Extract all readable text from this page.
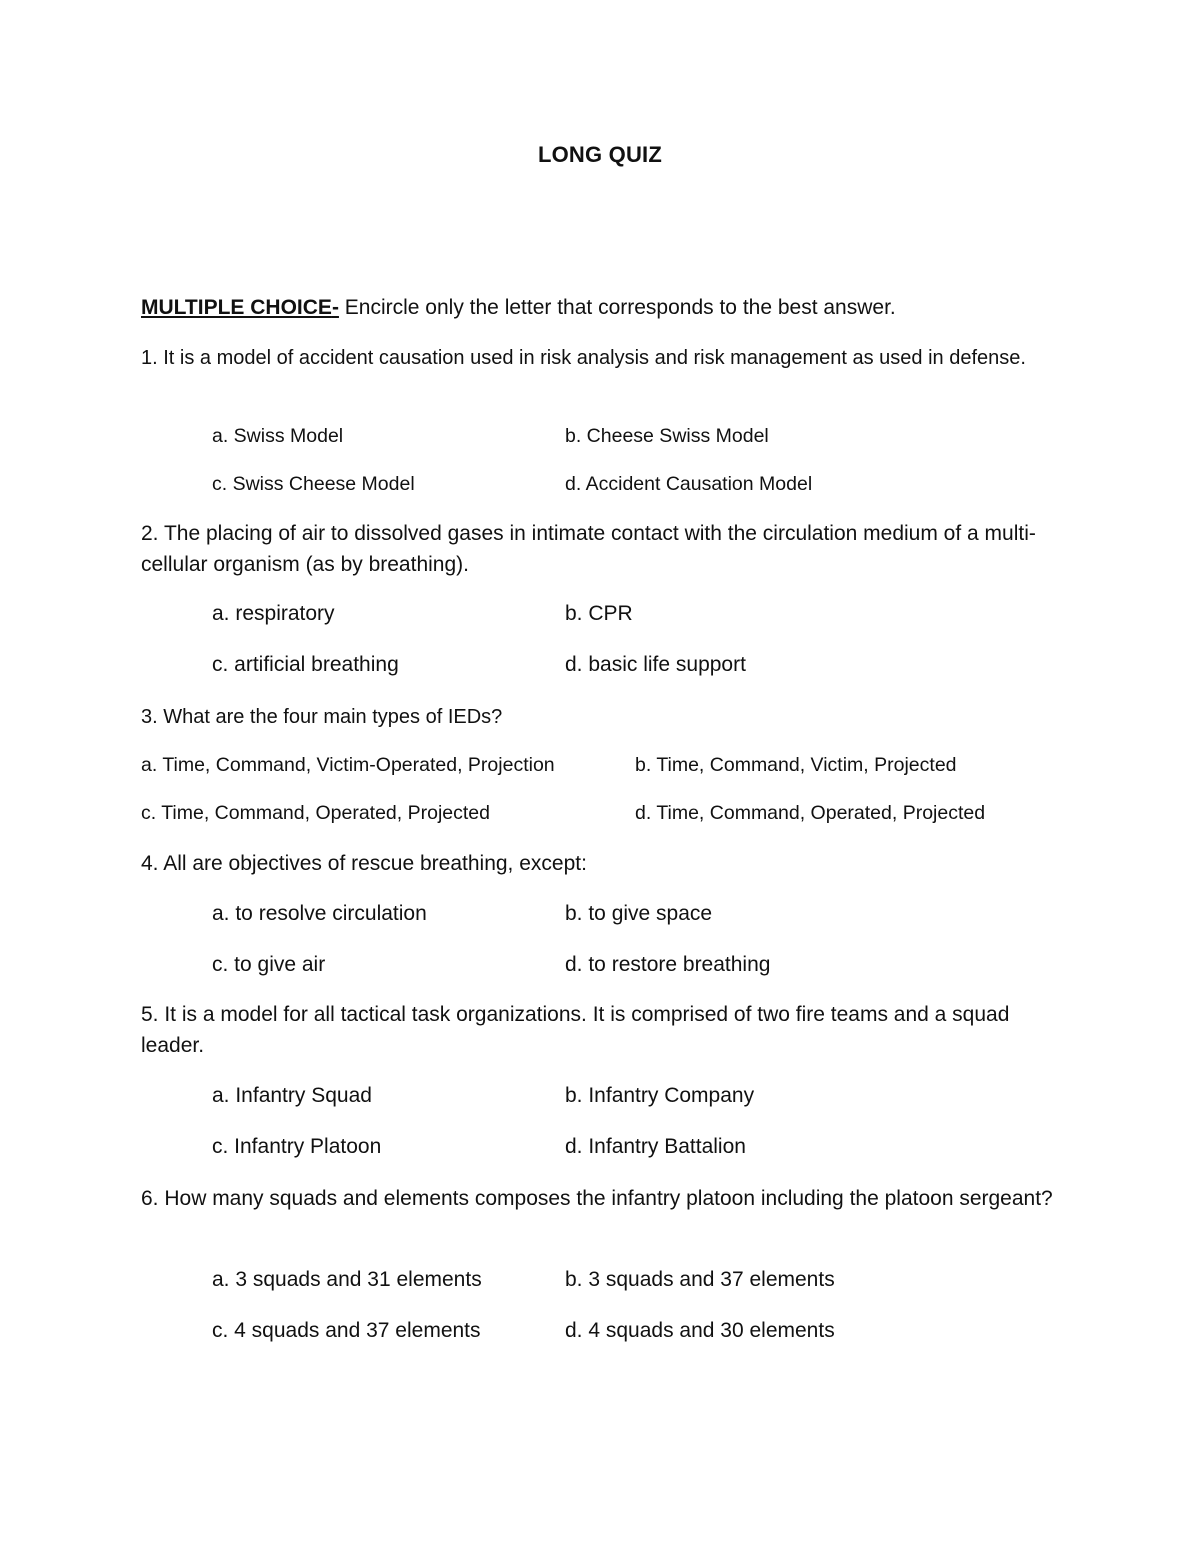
LONG QUIZ
MULTIPLE CHOICE- Encircle only the letter that corresponds to the best answer.
1. It is a model of accident causation used in risk analysis and risk management as used in defense.
a. Swiss Model	b. Cheese Swiss Model
c. Swiss Cheese Model	d. Accident Causation Model
2. The placing of air to dissolved gases in intimate contact with the circulation medium of a multi-cellular organism (as by breathing).
a. respiratory	b. CPR
c. artificial breathing	d. basic life support
3. What are the four main types of IEDs?
a. Time, Command, Victim-Operated, Projection	b. Time, Command, Victim, Projected
c. Time, Command, Operated, Projected	d. Time, Command, Operated, Projected
4. All are objectives of rescue breathing, except:
a. to resolve circulation	b. to give space
c. to give air	d. to restore breathing
5. It is a model for all tactical task organizations. It is comprised of two fire teams and a squad leader.
a. Infantry Squad	b. Infantry Company
c. Infantry Platoon	d. Infantry Battalion
6. How many squads and elements composes the infantry platoon including the platoon sergeant?
a. 3 squads and 31 elements	b. 3 squads and 37 elements
c. 4 squads and 37 elements	d. 4 squads and 30 elements
